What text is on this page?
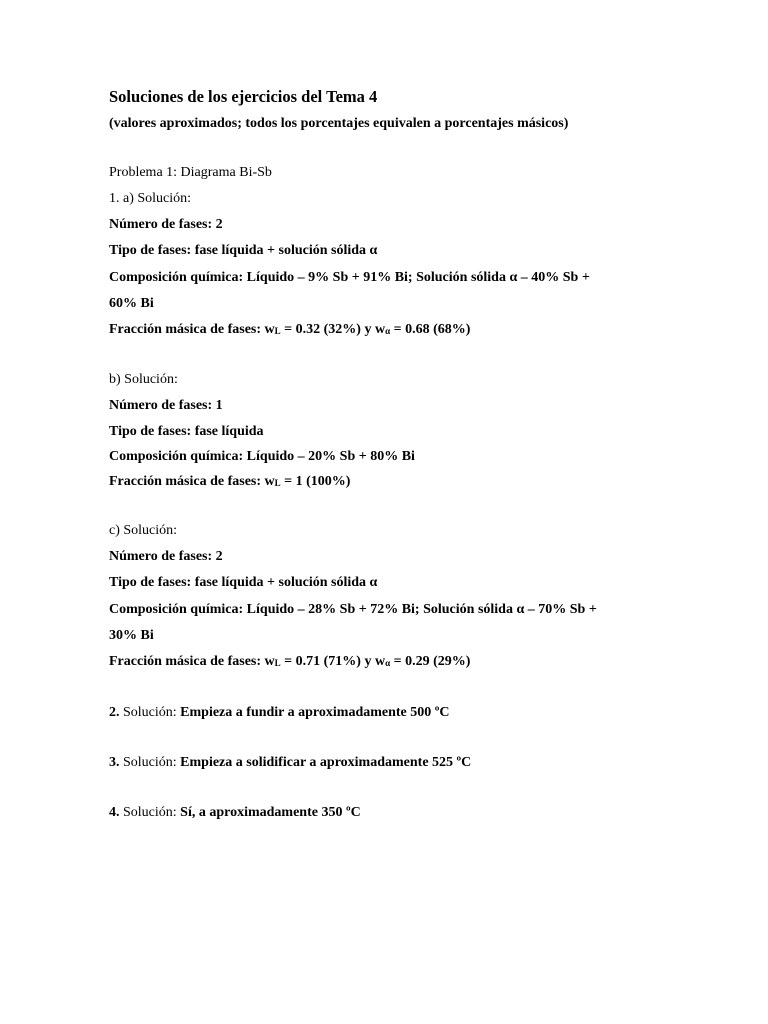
Soluciones de los ejercicios del Tema 4
(valores aproximados; todos los porcentajes equivalen a porcentajes másicos)
Problema 1: Diagrama Bi-Sb
1. a) Solución:
Número de fases: 2
Tipo de fases: fase líquida + solución sólida α
Composición química: Líquido – 9% Sb + 91% Bi; Solución sólida α – 40% Sb +
60% Bi
Fracción másica de fases: $w_L = 0.32$ (32%) y $w_\alpha = 0.68$ (68%)
b) Solución:
Número de fases: 1
Tipo de fases: fase líquida
Composición química: Líquido – 20% Sb + 80% Bi
Fracción másica de fases: $w_L = 1$ (100%)
c) Solución:
Número de fases: 2
Tipo de fases: fase líquida + solución sólida α
Composición química: Líquido – 28% Sb + 72% Bi; Solución sólida α – 70% Sb +
30% Bi
Fracción másica de fases: $w_L = 0.71$ (71%) y $w_\alpha = 0.29$ (29%)
2. Solución: Empieza a fundir a aproximadamente 500 ºC
3. Solución: Empieza a solidificar a aproximadamente 525 ºC
4. Solución: Sí, a aproximadamente 350 ºC
